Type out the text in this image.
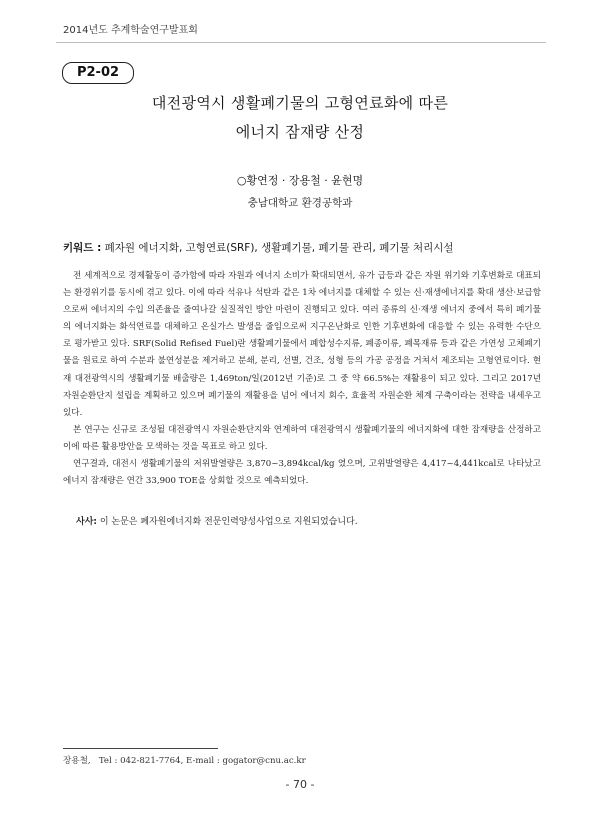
2014년도 추계학술연구발표회
P2-02
대전광역시 생활폐기물의 고형연료화에 따른
에너지 잠재량 산정
○황연정 · 장용철 · 윤현명
충남대학교 환경공학과
키워드 : 폐자원 에너지화, 고형연료(SRF), 생활폐기물, 폐기물 관리, 폐기물 처리시설

전 세계적으로 경제활동이 증가함에 따라 자원과 에너지 소비가 확대되면서, 유가 급등과 같은 자원 위기와 기후변화로 대표되는 환경위기를 동시에 겪고 있다. 이에 따라 석유나 석탄과 같은 1차 에너지를 대체할 수 있는 신·재생에너지를 확대 생산·보급함으로써 에너지의 수입 의존율을 줄여나갈 실질적인 방안 마련이 진행되고 있다. 여러 종류의 신·재생 에너지 중에서 특히 폐기물의 에너지화는 화석연료를 대체하고 온실가스 발생을 줄임으로써 지구온난화로 인한 기후변화에 대응할 수 있는 유력한 수단으로 평가받고 있다. SRF(Solid Refised Fuel)란 생활폐기물에서 폐합성수지류, 폐종이류, 폐목재류 등과 같은 가연성 고체폐기물을 원료로 하여 수분과 불연성분을 제거하고 분쇄, 분리, 선별, 건조, 성형 등의 가공 공정을 거쳐서 제조되는 고형연료이다. 현재 대전광역시의 생활폐기물 배출량은 1,469ton/일(2012년 기준)로 그 중 약 66.5%는 재활용이 되고 있다. 그리고 2017년 자원순환단지 설립을 계획하고 있으며 폐기물의 재활용을 넘어 에너지 회수, 효율적 자원순환 체계 구축이라는 전략을 내세우고 있다.

본 연구는 신규로 조성될 대전광역시 자원순환단지와 연계하여 대전광역시 생활폐기물의 에너지화에 대한 잠재량을 산정하고 이에 따른 활용방안을 모색하는 것을 목표로 하고 있다.

연구결과, 대전시 생활폐기물의 저위발열량은 3,870~3,894kcal/kg 였으며, 고위발열량은 4,417~4,441kcal로 나타났고 에너지 잠재량은 연간 33,900 TOE을 상회할 것으로 예측되었다.

사사: 이 논문은 폐자원에너지화 전문인력양성사업으로 지원되었습니다.
장용철,   Tel : 042-821-7764, E-mail : gogator@cnu.ac.kr
- 70 -
